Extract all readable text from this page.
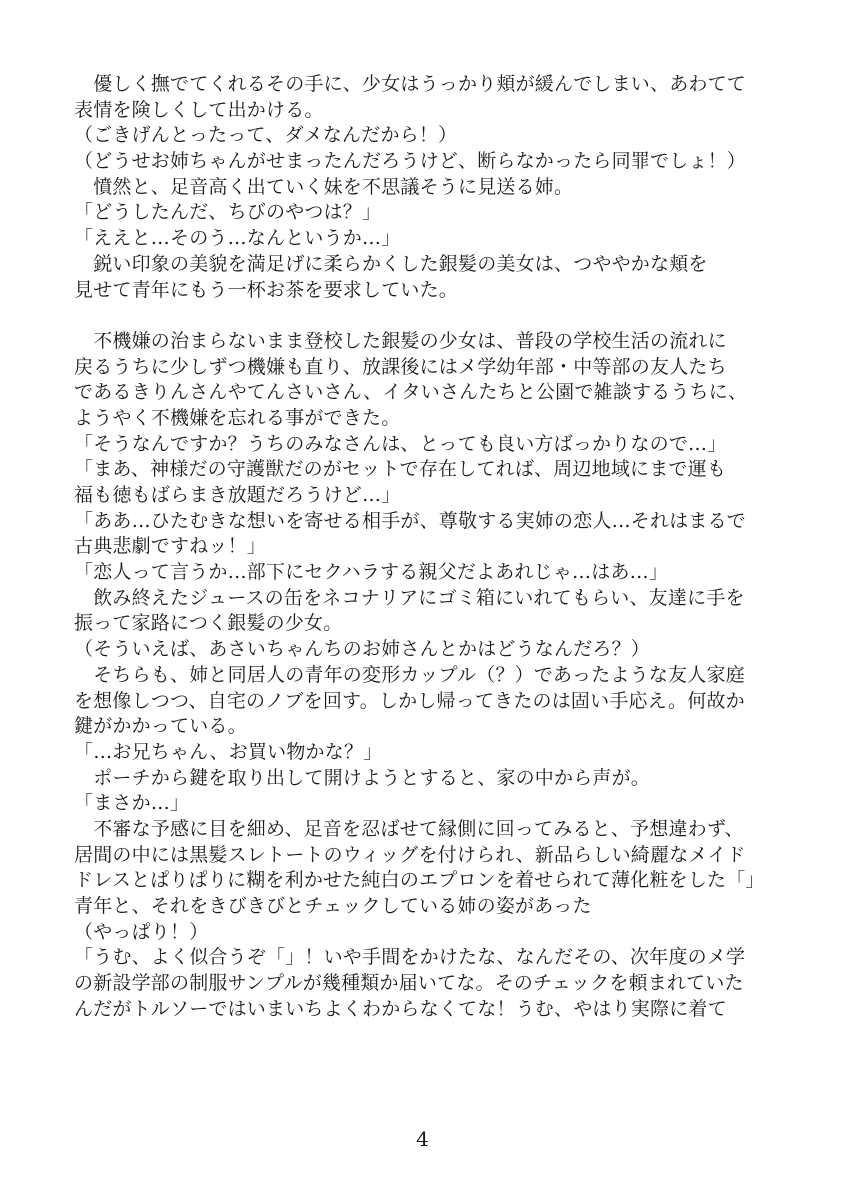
　優しく撫でてくれるその手に、少女はうっかり頬が緩んでしまい、あわてて
表情を険しくして出かける。
（ごきげんとったって、ダメなんだから！）
（どうせお姉ちゃんがせまったんだろうけど、断らなかったら同罪でしょ！）
　憤然と、足音高く出ていく妹を不思議そうに見送る姉。
「どうしたんだ、ちびのやつは？」
「ええと…そのう…なんというか…」
　鋭い印象の美貌を満足げに柔らかくした銀髪の美女は、つややかな頬を
見せて青年にもう一杯お茶を要求していた。
　不機嫌の治まらないまま登校した銀髪の少女は、普段の学校生活の流れに
戻るうちに少しずつ機嫌も直り、放課後にはメ学幼年部・中等部の友人たち
であるきりんさんやてんさいさん、イタいさんたちと公園で雑談するうちに、
ようやく不機嫌を忘れる事ができた。
「そうなんですか？うちのみなさんは、とっても良い方ばっかりなので…」
「まあ、神様だの守護獣だのがセットで存在してれば、周辺地域にまで運も
福も徳もばらまき放題だろうけど…」
「ああ…ひたむきな想いを寄せる相手が、尊敬する実姉の恋人…それはまるで
古典悲劇ですねッ！」
「恋人って言うか…部下にセクハラする親父だよあれじゃ…はあ…」
　飲み終えたジュースの缶をネコナリアにゴミ箱にいれてもらい、友達に手を
振って家路につく銀髪の少女。
（そういえば、あさいちゃんちのお姉さんとかはどうなんだろ？）
　そちらも、姉と同居人の青年の変形カップル（？）であったような友人家庭
を想像しつつ、自宅のノブを回す。しかし帰ってきたのは固い手応え。何故か
鍵がかかっている。
「…お兄ちゃん、お買い物かな？」
　ポーチから鍵を取り出して開けようとすると、家の中から声が。
「まさか…」
　不審な予感に目を細め、足音を忍ばせて縁側に回ってみると、予想違わず、
居間の中には黒髪スレトートのウィッグを付けられ、新品らしい綺麗なメイド
ドレスとぱりぱりに糊を利かせた純白のエプロンを着せられて薄化粧をした「」
青年と、それをきびきびとチェックしている姉の姿があった
（やっぱり！）
「うむ、よく似合うぞ「」！いや手間をかけたな、なんだその、次年度のメ学
の新設学部の制服サンプルが幾種類か届いてな。そのチェックを頼まれていた
んだがトルソーではいまいちよくわからなくてな！うむ、やはり実際に着て
4
